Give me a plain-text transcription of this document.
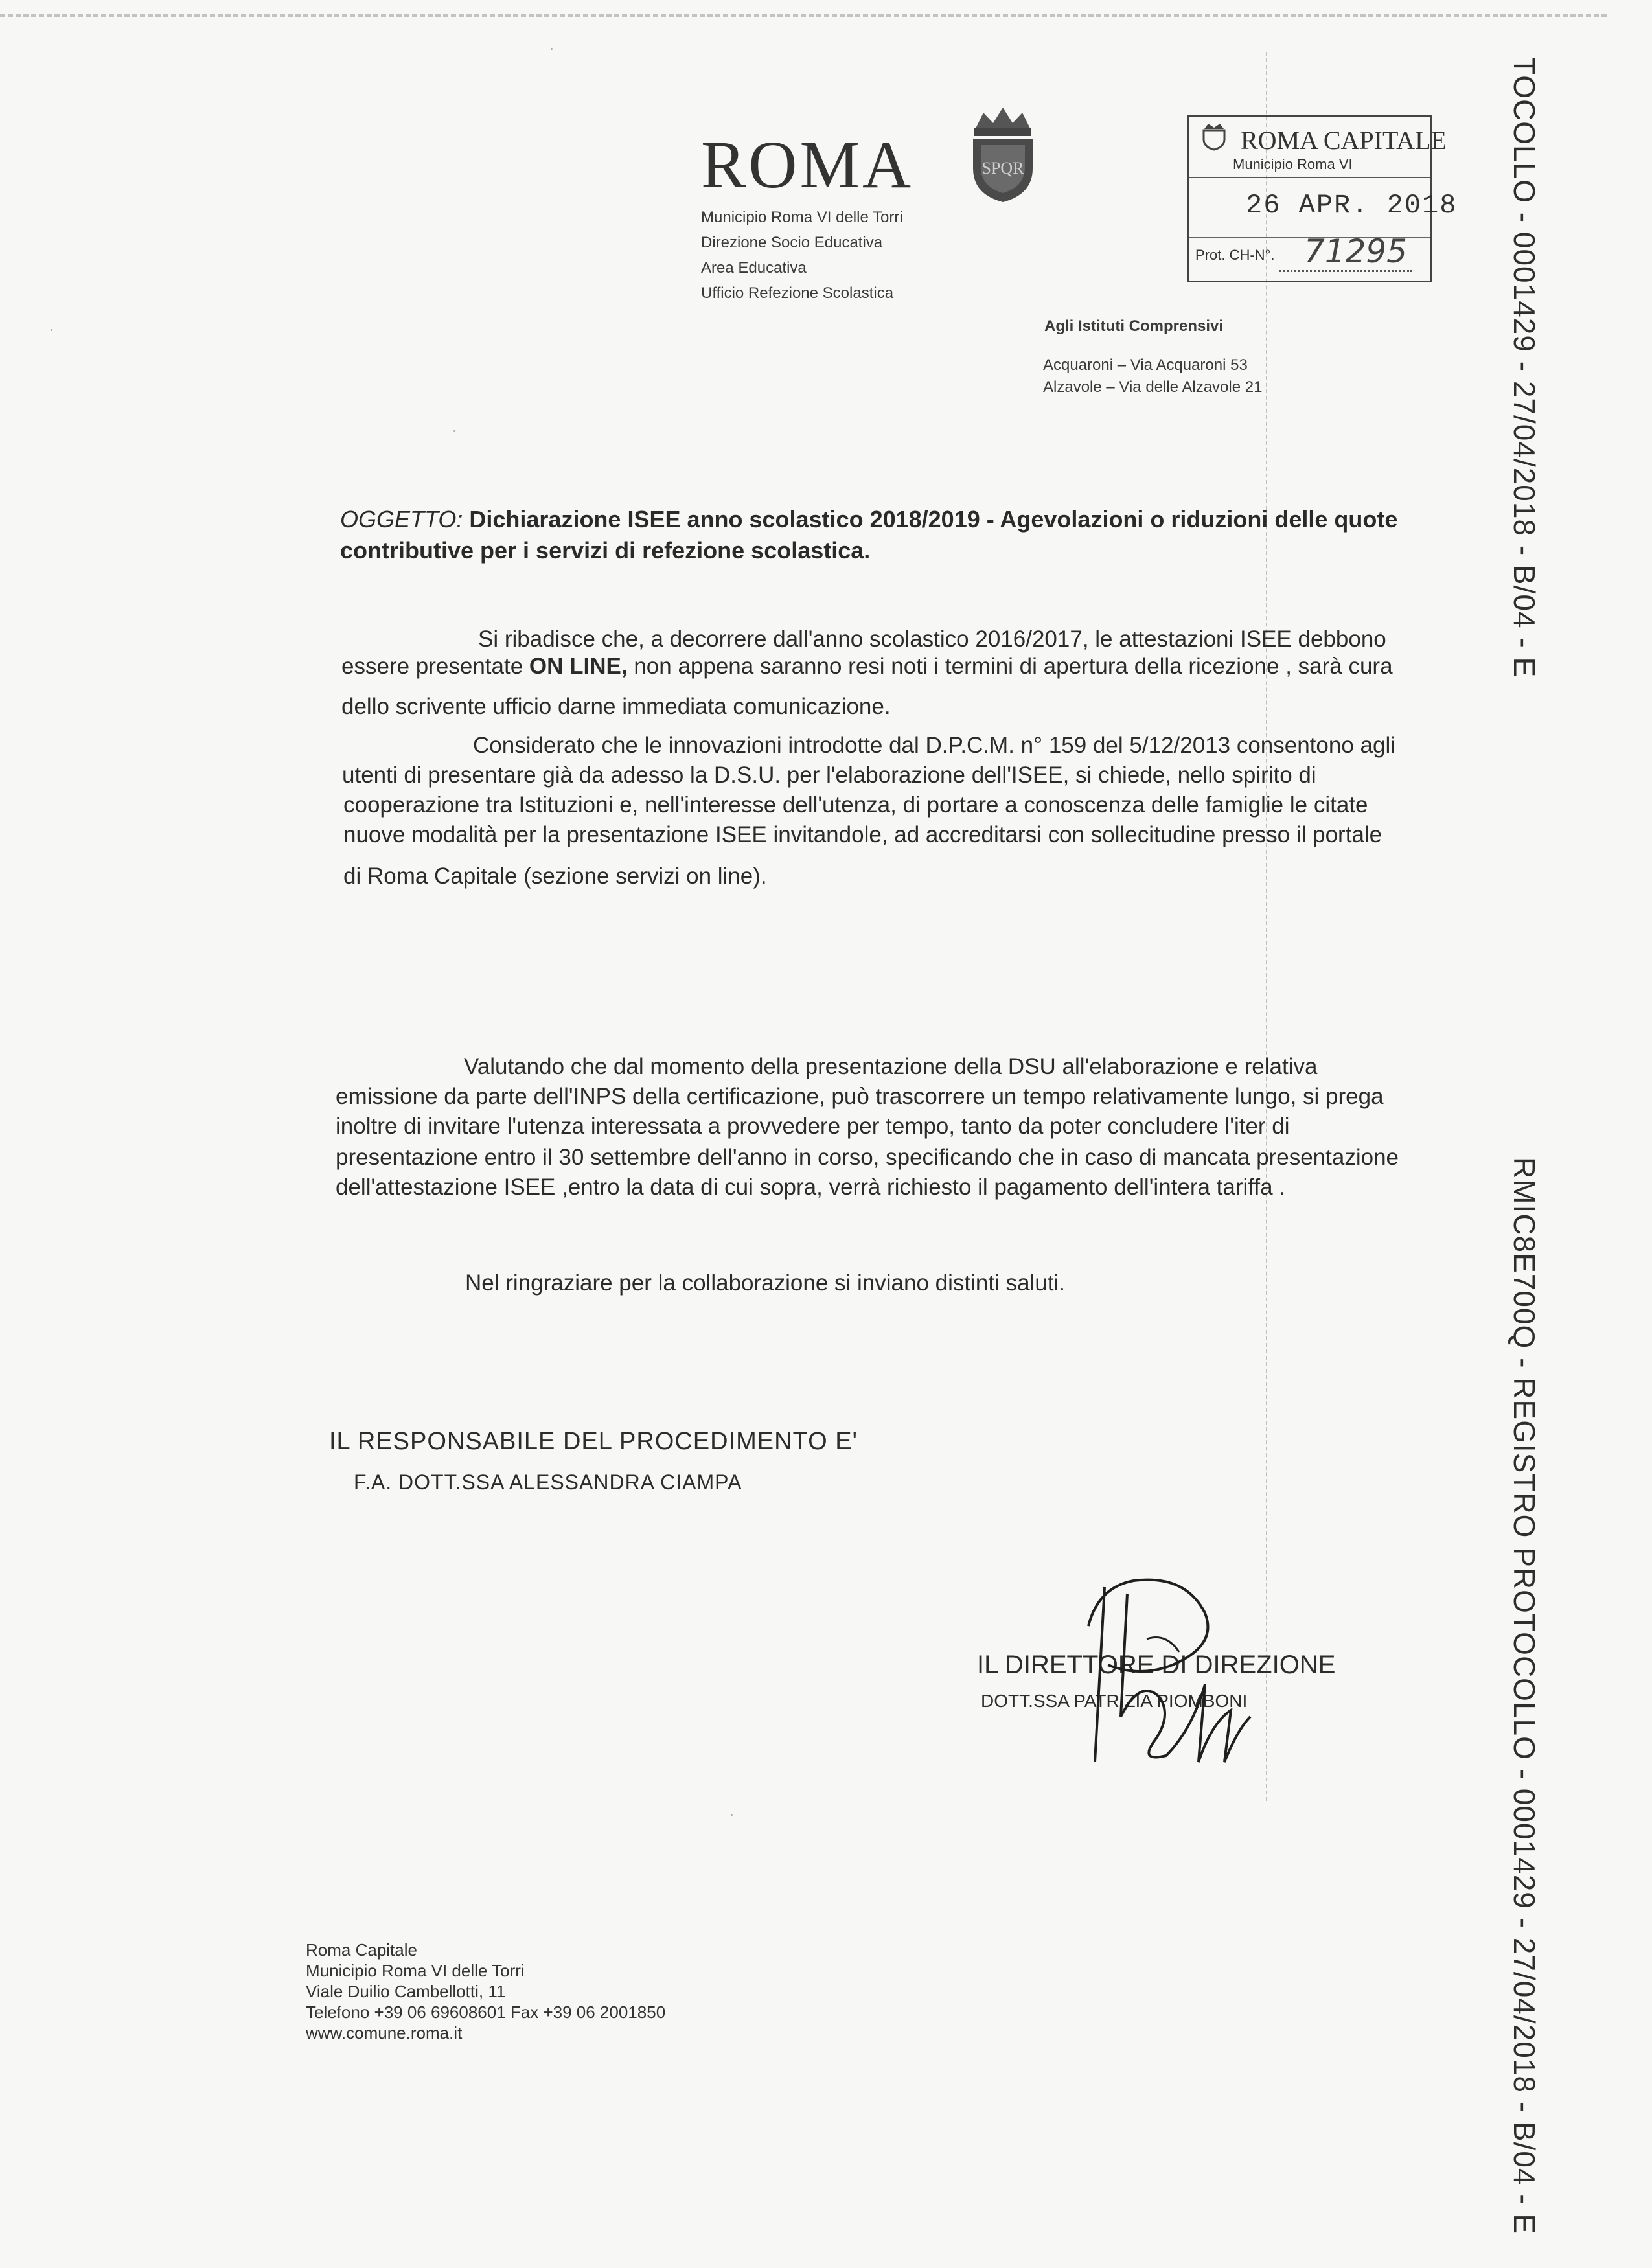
ROMA	SPQR
Municipio Roma VI delle Torri
Direzione Socio Educativa
Area Educativa
Ufficio Refezione Scolastica
ROMA CAPITALE
Municipio Roma VI
26 APR. 2018
Prot. CH-N°. 71295
Agli Istituti Comprensivi
Acquaroni – Via Acquaroni 53
Alzavole – Via delle Alzavole 21	TOCOLLO - 0001429 - 27/04/2018 - B/04 - E
RMIC8E700Q - REGISTRO PROTOCOLLO - 0001429 - 27/04/2018 - B/04 - E
OGGETTO: Dichiarazione ISEE anno scolastico 2018/2019 - Agevolazioni o riduzioni delle quote
contributive per i servizi di refezione scolastica.
Si ribadisce che, a decorrere dall'anno scolastico 2016/2017, le attestazioni ISEE debbono
essere presentate ON LINE, non appena saranno resi noti i termini di apertura della ricezione , sarà cura
dello scrivente ufficio darne immediata comunicazione.
Considerato che le innovazioni introdotte dal D.P.C.M. n° 159 del 5/12/2013 consentono agli
utenti di presentare già da adesso la D.S.U. per l'elaborazione dell'ISEE, si chiede, nello spirito di
cooperazione tra Istituzioni e, nell'interesse dell'utenza, di portare a conoscenza delle famiglie le citate
nuove modalità per la presentazione ISEE invitandole, ad accreditarsi con sollecitudine presso il portale
di Roma Capitale (sezione servizi on line).
Valutando che dal momento della presentazione della DSU all'elaborazione e relativa
emissione da parte dell'INPS della certificazione, può trascorrere un tempo relativamente lungo, si prega
inoltre di invitare l'utenza interessata a provvedere per tempo, tanto da poter concludere l'iter di
presentazione entro il 30 settembre dell'anno in corso, specificando che in caso di mancata presentazione
dell'attestazione ISEE ,entro la data di cui sopra, verrà richiesto il pagamento dell'intera tariffa .
Nel ringraziare per la collaborazione si inviano distinti saluti.
IL RESPONSABILE DEL PROCEDIMENTO E'
F.A. DOTT.SSA ALESSANDRA CIAMPA
IL DIRETTORE DI DIREZIONE
DOTT.SSA PATRIZIA PIOMBONI
Roma Capitale
Municipio Roma VI delle Torri
Viale Duilio Cambellotti, 11
Telefono +39 06 69608601 Fax +39 06 2001850
www.comune.roma.it
